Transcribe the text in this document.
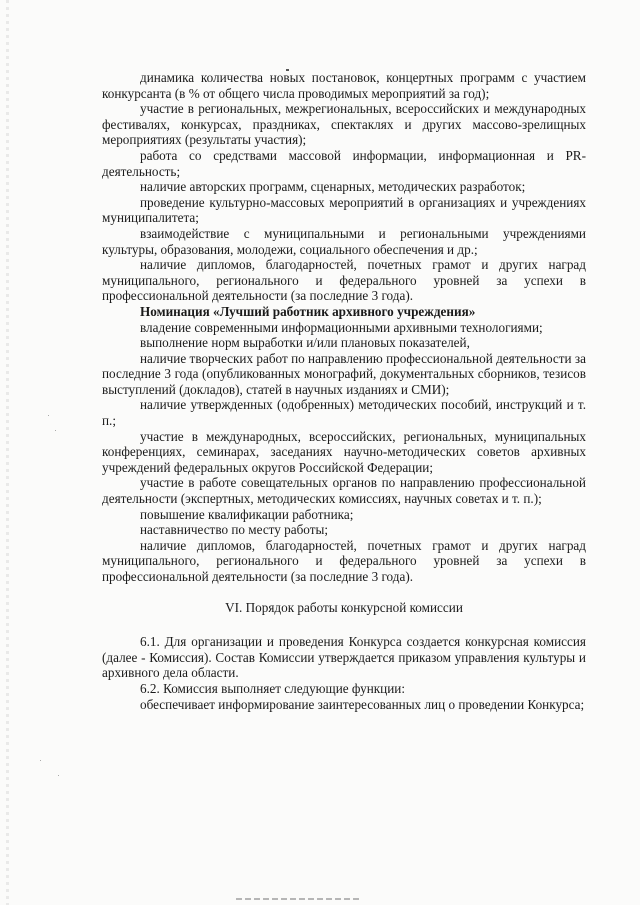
динамика количества новых постановок, концертных программ с участием конкурсанта (в % от общего числа проводимых мероприятий за год);

участие в региональных, межрегиональных, всероссийских и международных фестивалях, конкурсах, праздниках, спектаклях и других массово-зрелищных мероприятиях (результаты участия);

работа со средствами массовой информации, информационная и PR-деятельность;

наличие авторских программ, сценарных, методических разработок;

проведение культурно-массовых мероприятий в организациях и учреждениях муниципалитета;

взаимодействие с муниципальными и региональными учреждениями культуры, образования, молодежи, социального обеспечения и др.;

наличие дипломов, благодарностей, почетных грамот и других наград муниципального, регионального и федерального уровней за успехи в профессиональной деятельности (за последние 3 года).

Номинация «Лучший работник архивного учреждения»

владение современными информационными архивными технологиями;

выполнение норм выработки и/или плановых показателей,

наличие творческих работ по направлению профессиональной деятельности за последние 3 года (опубликованных монографий, документальных сборников, тезисов выступлений (докладов), статей в научных изданиях и СМИ);

наличие утвержденных (одобренных) методических пособий, инструкций и т. п.;

участие в международных, всероссийских, региональных, муниципальных конференциях, семинарах, заседаниях научно-методических советов архивных учреждений федеральных округов Российской Федерации;

участие в работе совещательных органов по направлению профессиональной деятельности (экспертных, методических комиссиях, научных советах и т. п.);

повышение квалификации работника;

наставничество по месту работы;

наличие дипломов, благодарностей, почетных грамот и других наград муниципального, регионального и федерального уровней за успехи в профессиональной деятельности (за последние 3 года).

VI. Порядок работы конкурсной комиссии

6.1. Для организации и проведения Конкурса создается конкурсная комиссия (далее - Комиссия). Состав Комиссии утверждается приказом управления культуры и архивного дела области.

6.2. Комиссия выполняет следующие функции:

обеспечивает информирование заинтересованных лиц о проведении Конкурса;
